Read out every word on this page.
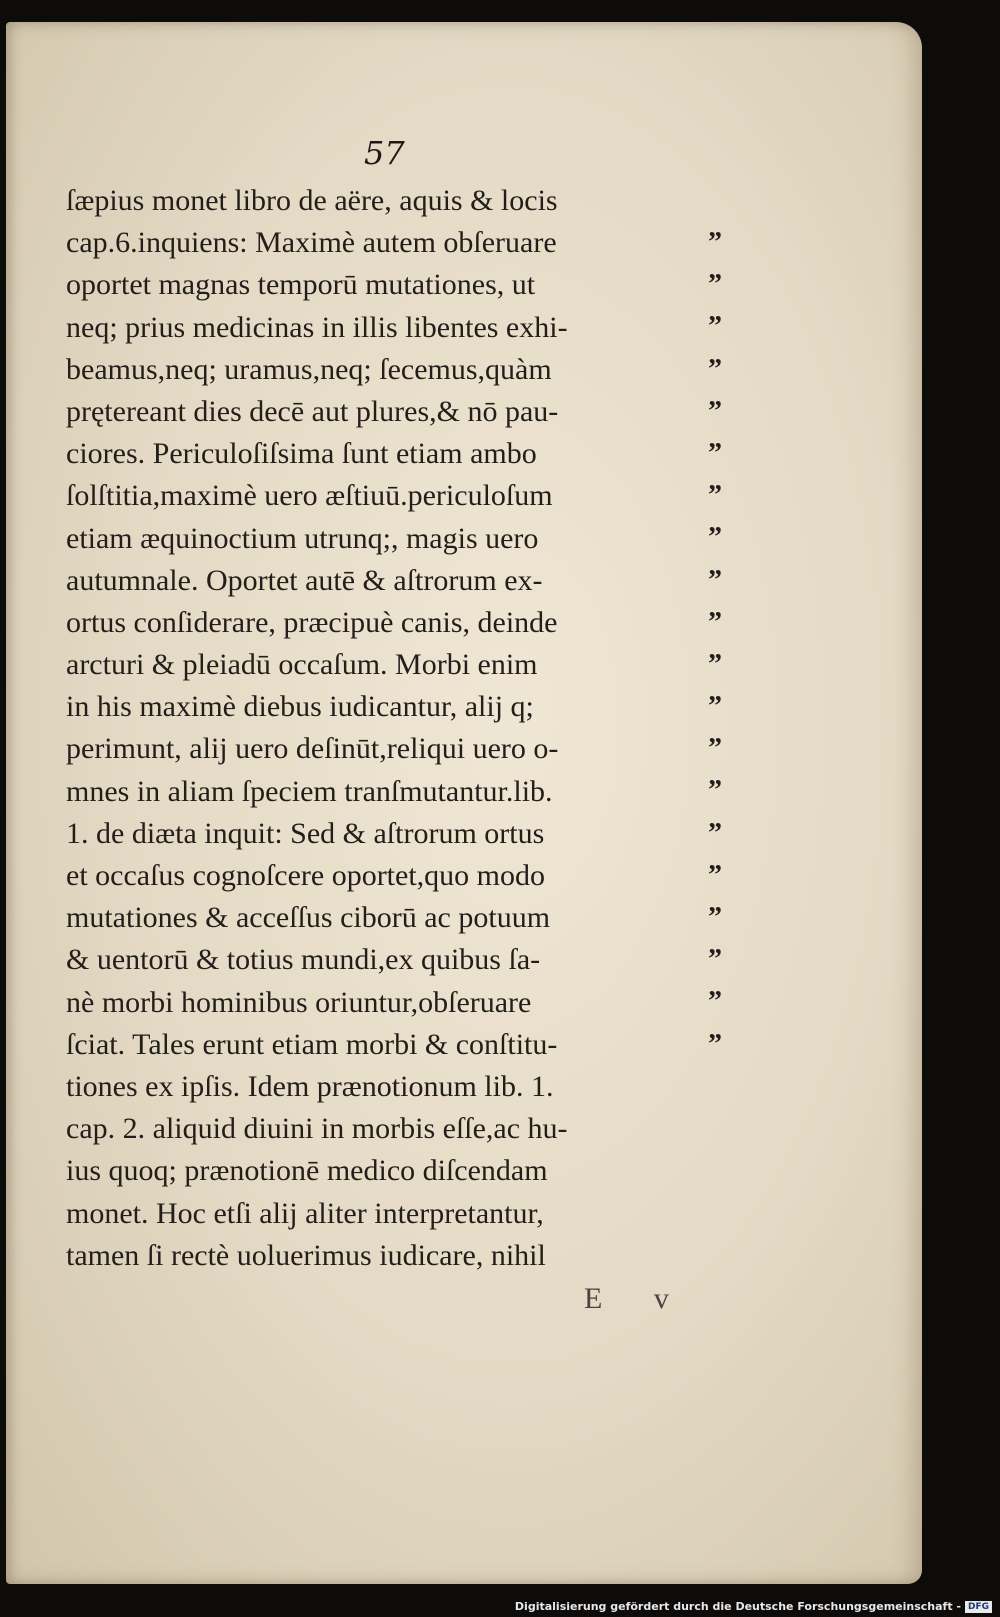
57
ſæpius monet libro de aëre, aquis & locis
cap.6.inquiens: Maximè autem obſeruare
oportet magnas temporū mutationes, ut
neq; prius medicinas in illis libentes exhi-
beamus,neq; uramus,neq; ſecemus,quàm
prętereant dies decē aut plures,& nō pau-
ciores. Periculoſiſsima ſunt etiam ambo
ſolſtitia,maximè uero æſtiuū.periculoſum
etiam æquinoctium utrunq;, magis uero
autumnale. Oportet autē & aſtrorum ex-
ortus conſiderare, præcipuè canis, deinde
arcturi & pleiadū occaſum. Morbi enim
in his maximè diebus iudicantur, alij q;
perimunt, alij uero deſinūt,reliqui uero o-
mnes in aliam ſpeciem tranſmutantur.lib.
1. de diæta inquit: Sed & aſtrorum ortus
et occaſus cognoſcere oportet,quo modo
mutationes & acceſſus ciborū ac potuum
& uentorū & totius mundi,ex quibus ſa-
nè morbi hominibus oriuntur,obſeruare
ſciat. Tales erunt etiam morbi & conſtitu-
tiones ex ipſis. Idem prænotionum lib. 1.
cap. 2. aliquid diuini in morbis eſſe,ac hu-
ius quoq; prænotionē medico diſcendam
monet. Hoc etſi alij aliter interpretantur,
tamen ſi rectè uoluerimus iudicare, nihil
”
”
”
”
”
”
”
”
”
”
”
”
”
”
”
”
”
”
”
”
E v
Digitalisierung gefördert durch die Deutsche Forschungsgemeinschaft - DFG
